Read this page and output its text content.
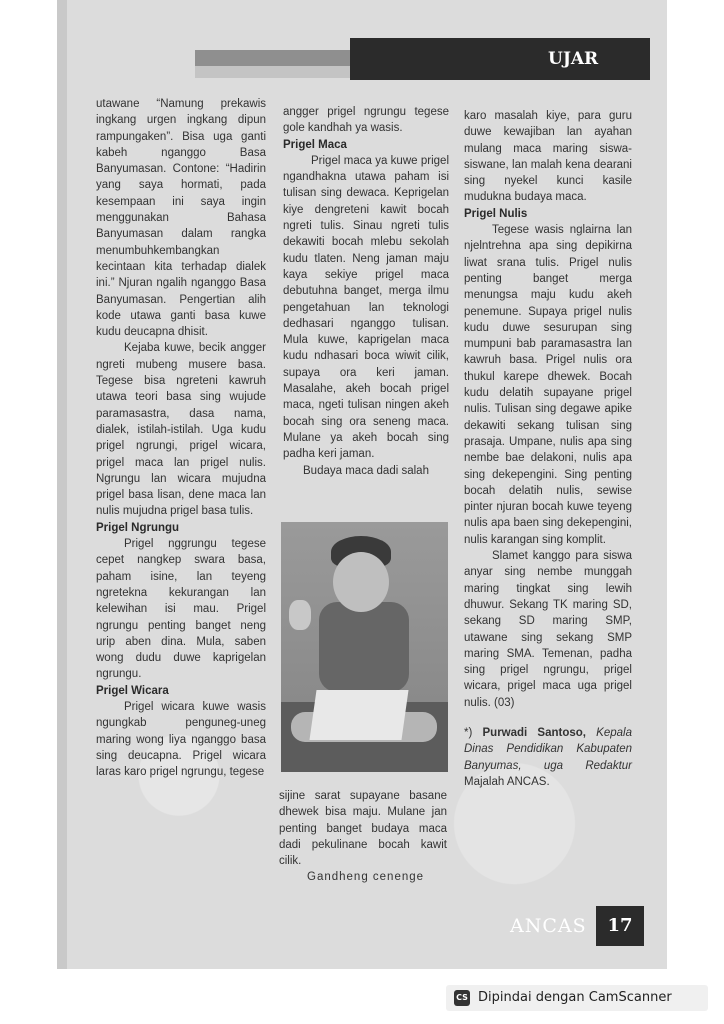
UJAR

utawane “Namung prekawis ingkang urgen ingkang dipun rampungaken”. Bisa uga ganti kabeh nganggo Basa Banyumasan. Contone: “Hadirin yang saya hormati, pada kesempaan ini saya ingin menggunakan Bahasa Banyumasan dalam rangka menumbuhkembangkan kecintaan kita terhadap dialek ini.” Njuran ngalih nganggo Basa Banyumasan. Pengertian alih kode utawa ganti basa kuwe kudu deucapna dhisit.

Kejaba kuwe, becik angger ngreti mubeng musere basa. Tegese bisa ngreteni kawruh utawa teori basa sing wujude paramasastra, dasa nama, dialek, istilah-istilah. Uga kudu prigel ngrungi, prigel wicara, prigel maca lan prigel nulis. Ngrungu lan wicara mujudna prigel basa lisan, dene maca lan nulis mujudna prigel basa tulis.

Prigel Ngrungu

Prigel nggrungu tegese cepet nangkep swara basa, paham isine, lan teyeng ngretekna kekurangan lan kelewihan isi mau. Prigel ngrungu penting banget neng urip aben dina. Mula, saben wong dudu duwe kaprigelan ngrungu.

Prigel Wicara

Prigel wicara kuwe wasis ngungkab penguneg-uneg maring wong liya nganggo basa sing deucapna. Prigel wicara laras karo prigel ngrungu, tegese

angger prigel ngrungu tegese gole kandhah ya wasis.

Prigel Maca

Prigel maca ya kuwe prigel ngandhakna utawa paham isi tulisan sing dewaca. Keprigelan kiye dengreteni kawit bocah ngreti tulis. Sinau ngreti tulis dekawiti bocah mlebu sekolah kudu tlaten. Neng jaman maju kaya sekiye prigel maca debutuhna banget, merga ilmu pengetahuan lan teknologi dedhasari nganggo tulisan. Mula kuwe, kaprigelan maca kudu ndhasari boca wiwit cilik, supaya ora keri jaman. Masalahe, akeh bocah prigel maca, ngeti tulisan ningen akeh bocah sing ora seneng maca. Mulane ya akeh bocah sing padha keri jaman.

Budaya maca dadi salah

sijine sarat supayane basane dhewek bisa maju. Mulane jan penting banget budaya maca dadi pekulinane bocah kawit cilik.

Gandheng cenenge

karo masalah kiye, para guru duwe kewajiban lan ayahan mulang maca maring siswa-siswane, lan malah kena dearani sing nyekel kunci kasile mudukna budaya maca.

Prigel Nulis

Tegese wasis nglairna lan njelntrehna apa sing depikirna liwat srana tulis. Prigel nulis penting banget merga menungsa maju kudu akeh penemune. Supaya prigel nulis kudu duwe sesurupan sing mumpuni bab paramasastra lan kawruh basa. Prigel nulis ora thukul karepe dhewek. Bocah kudu delatih supayane prigel nulis. Tulisan sing degawe apike dekawiti sekang tulisan sing prasaja. Umpane, nulis apa sing nembe bae delakoni, nulis apa sing dekepengini. Sing penting bocah delatih nulis, sewise pinter njuran bocah kuwe teyeng nulis apa baen sing dekepengini, nulis karangan sing komplit.

Slamet kanggo para siswa anyar sing nembe munggah maring tingkat sing lewih dhuwur. Sekang TK maring SD, sekang SD maring SMP, utawane sing sekang SMP maring SMA. Temenan, padha sing prigel ngrungu, prigel wicara, prigel maca uga prigel nulis. (03)

*) Purwadi Santoso, Kepala Dinas Pendidikan Kabupaten Banyumas, uga Redaktur Majalah ANCAS.

ANCAS	17
CS Dipindai dengan CamScanner
